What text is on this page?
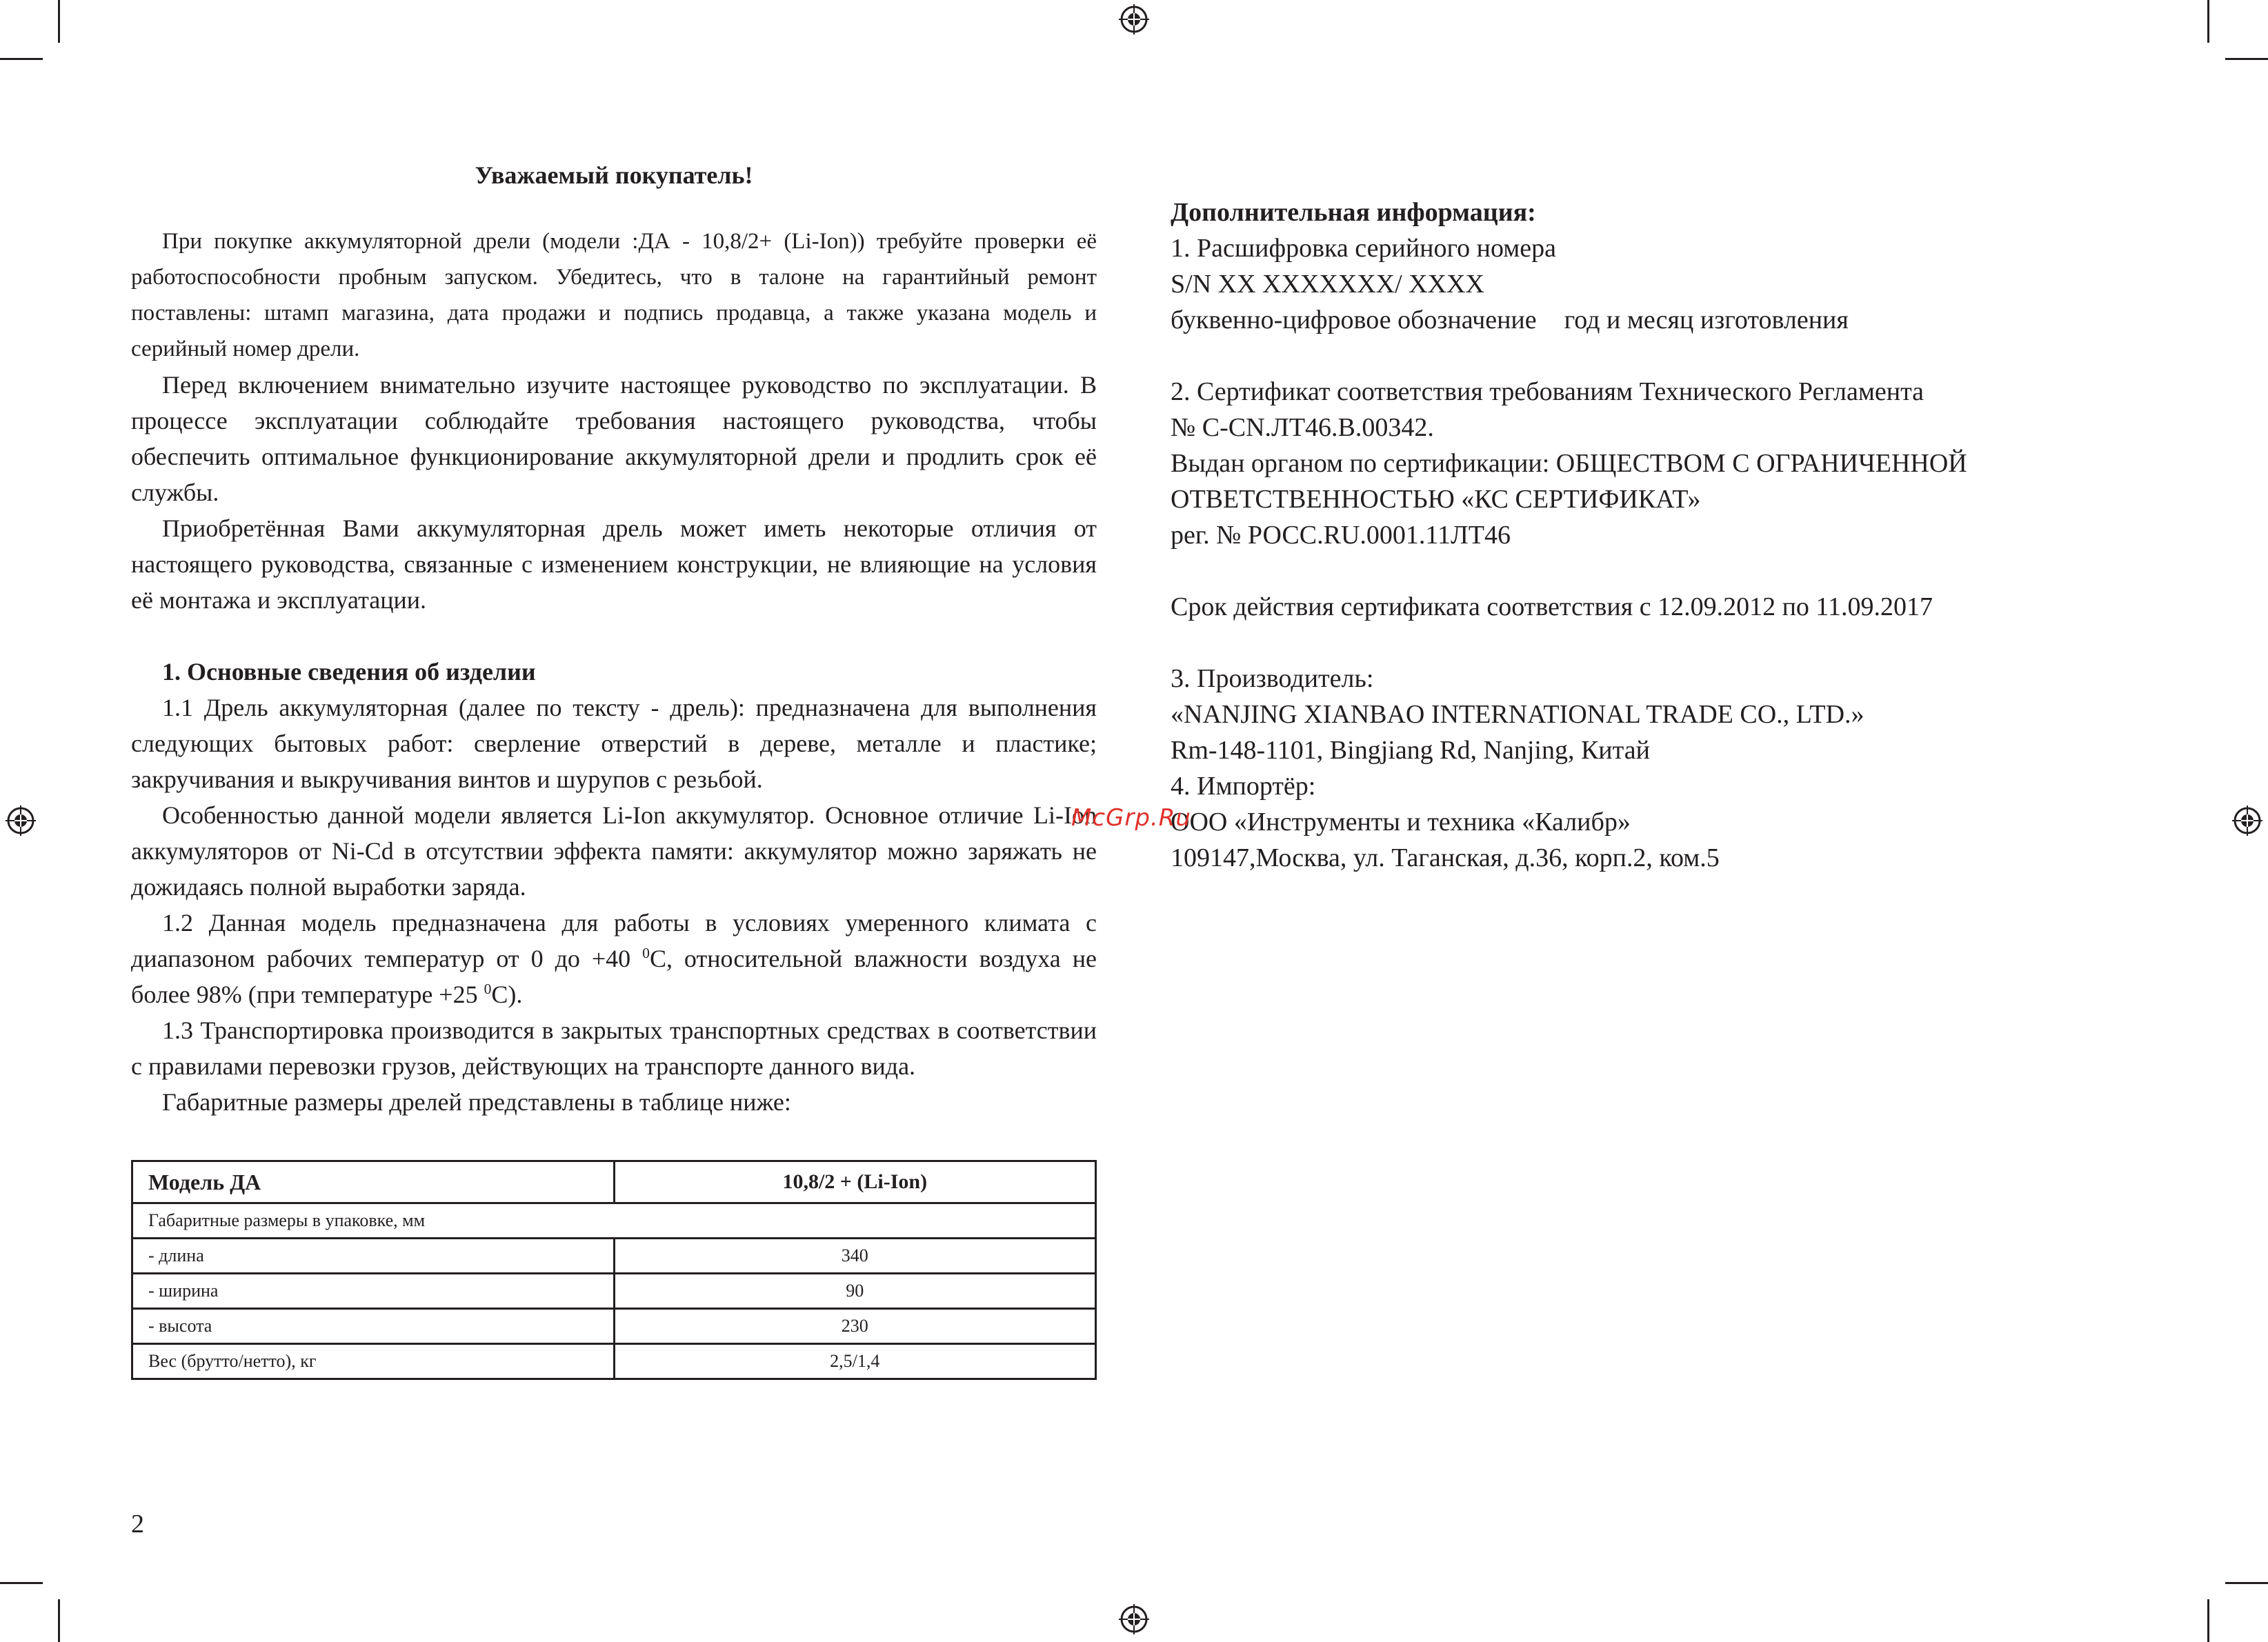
Уважаемый покупатель!

При покупке аккумуляторной дрели (модели :ДА - 10,8/2+ (Li-Ion)) требуйте проверки её работоспособности пробным запуском. Убедитесь, что в талоне на гарантийный ремонт поставлены: штамп магазина, дата продажи и подпись продавца, а также указана модель и серийный номер дрели.

Перед включением внимательно изучите настоящее руководство по эксплуатации. В процессе эксплуатации соблюдайте требования настоящего руководства, чтобы обеспечить оптимальное функционирование аккумуляторной дрели и продлить срок её службы.

Приобретённая Вами аккумуляторная дрель может иметь некоторые отличия от настоящего руководства, связанные с изменением конструкции, не влияющие на условия её монтажа и эксплуатации.

1. Основные сведения об изделии

1.1 Дрель аккумуляторная (далее по тексту - дрель): предназначена для выполнения следующих бытовых работ: сверление отверстий в дереве, металле и пластике; закручивания и выкручивания винтов и шурупов с резьбой.

Особенностью данной модели является Li-Ion аккумулятор. Основное отличие Li-Ion аккумуляторов от Ni-Cd в отсутствии эффекта памяти: аккумулятор можно заряжать не дожидаясь полной выработки заряда.

1.2 Данная модель предназначена для работы в условиях умеренного климата с диапазоном рабочих температур от 0 до +40 $^0$С, относительной влажности воздуха не более 98% (при температуре +25 $^0$С).

1.3 Транспортировка производится в закрытых транспортных средствах в соответствии с правилами перевозки грузов, действующих на транспорте данного вида.

Габаритные размеры дрелей представлены в таблице ниже:

Модель ДА	10,8/2 + (Li-Ion)
Габаритные размеры в упаковке, мм	
- длина	340
- ширина	90
- высота	230
Вес (брутто/нетто), кг	2,5/1,4
2

Дополнительная информация:

1. Расшифровка серийного номера

S/N XX XXXXXXX/ XXXX

буквенно-цифровое обозначение год и месяц изготовления

2. Сертификат соответствия требованиям Технического Регламента

№ C-CN.ЛТ46.В.00342.

Выдан органом по сертификации: ОБЩЕСТВОМ С ОГРАНИЧЕННОЙ

ОТВЕТСТВЕННОСТЬЮ «КС СЕРТИФИКАТ»

рег. № РОСС.RU.0001.11ЛТ46

Срок действия сертификата соответствия с 12.09.2012 по 11.09.2017

3. Производитель:

«NANJING XIANBAO INTERNATIONAL TRADE CO., LTD.»

Rm-148-1101, Bingjiang Rd, Nanjing, Китай

4. Импортёр:

ООО «Инструменты и техника «Калибр»

109147,Москва, ул. Таганская, д.36, корп.2, ком.5

McGrp.Ru
